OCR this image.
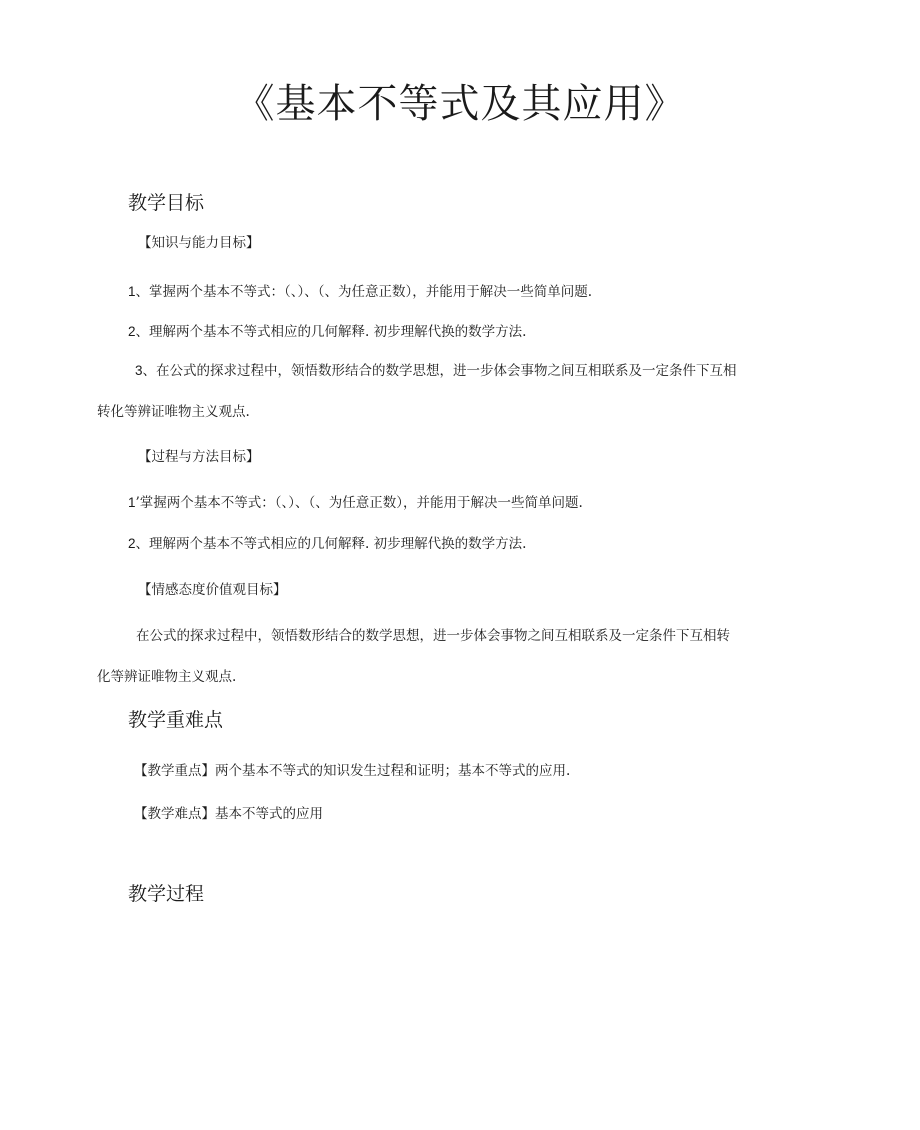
《基本不等式及其应用》
教学目标

【知识与能力目标】

1、掌握两个基本不等式：（、）、（、为任意正数），并能用于解决一些简单问题.

2、理解两个基本不等式相应的几何解释. 初步理解代换的数学方法.

3、在公式的探求过程中，领悟数形结合的数学思想，进一步体会事物之间互相联系及一定条件下互相

转化等辨证唯物主义观点.

【过程与方法目标】

1’掌握两个基本不等式：（、）、（、为任意正数），并能用于解决一些简单问题.

2、理解两个基本不等式相应的几何解释. 初步理解代换的数学方法.

【情感态度价值观目标】

在公式的探求过程中，领悟数形结合的数学思想，进一步体会事物之间互相联系及一定条件下互相转

化等辨证唯物主义观点.

教学重难点

【教学重点】两个基本不等式的知识发生过程和证明；基本不等式的应用.

【教学难点】基本不等式的应用

教学过程
